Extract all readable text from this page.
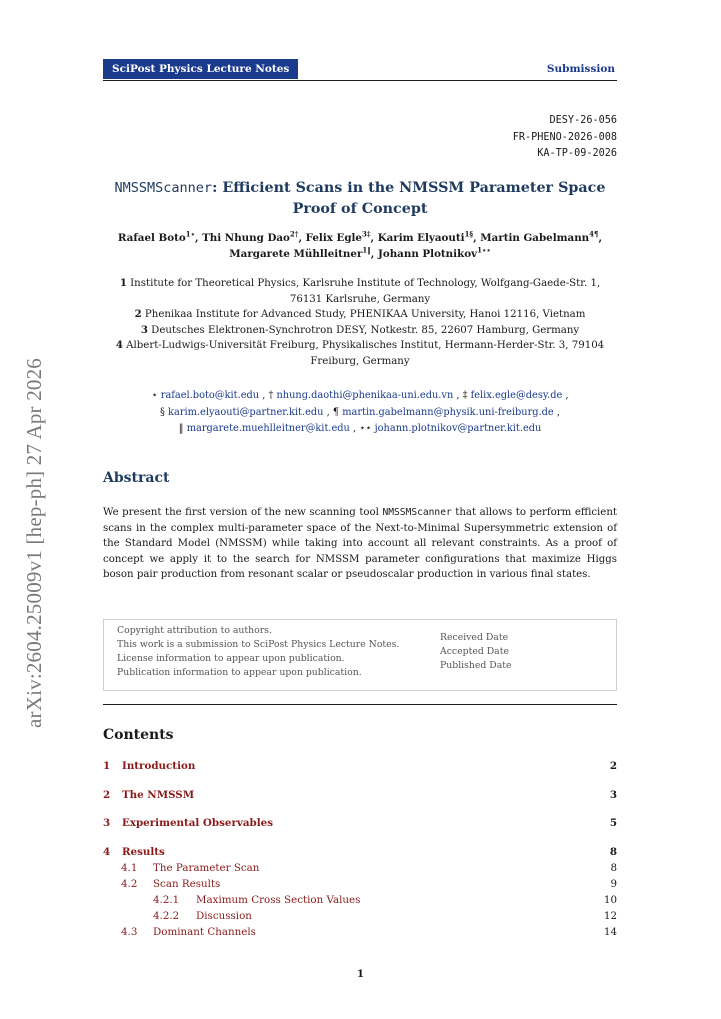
SciPost Physics Lecture Notes	Submission
DESY-26-056
FR-PHENO-2026-008
KA-TP-09-2026
NMSSMScanner: Efficient Scans in the NMSSM Parameter Space
Proof of Concept
Rafael Boto$^{1⋆}$, Thi Nhung Dao$^{2\dagger}$, Felix Egle$^{3\ddagger}$, Karim Elyaouti$^{1\S}$, Martin Gabelmann$^{4\P}$,
Margarete Mühlleitner$^{1‖}$, Johann Plotnikov$^{1⋆⋆}$
1 Institute for Theoretical Physics, Karlsruhe Institute of Technology, Wolfgang-Gaede-Str. 1, 76131 Karlsruhe, Germany
2 Phenikaa Institute for Advanced Study, PHENIKAA University, Hanoi 12116, Vietnam
3 Deutsches Elektronen-Synchrotron DESY, Notkestr. 85, 22607 Hamburg, Germany
4 Albert-Ludwigs-Universität Freiburg, Physikalisches Institut, Hermann-Herder-Str. 3, 79104 Freiburg, Germany
⋆ rafael.boto@kit.edu , † nhung.daothi@phenikaa-uni.edu.vn , ‡ felix.egle@desy.de ,
§ karim.elyaouti@partner.kit.edu , ¶ martin.gabelmann@physik.uni-freiburg.de ,
‖ margarete.muehlleitner@kit.edu , ⋆⋆ johann.plotnikov@partner.kit.edu
arXiv:2604.25009v1 [hep-ph] 27 Apr 2026	Abstract
We present the first version of the new scanning tool NMSSMScanner that allows to perform efficient scans in the complex multi-parameter space of the Next-to-Minimal Supersymmetric extension of the Standard Model (NMSSM) while taking into account all relevant constraints. As a proof of concept we apply it to the search for NMSSM parameter configurations that maximize Higgs boson pair production from resonant scalar or pseudoscalar production in various final states.
Copyright attribution to authors.
This work is a submission to SciPost Physics Lecture Notes.
License information to appear upon publication.
Publication information to appear upon publication.
Received Date
Accepted Date
Published Date
Contents
1 Introduction	2
2 The NMSSM	3
3 Experimental Observables	5
4 Results	8
4.1 The Parameter Scan	8
4.2 Scan Results	9
4.2.1 Maximum Cross Section Values	10
4.2.2 Discussion	12
4.3 Dominant Channels	14
1
